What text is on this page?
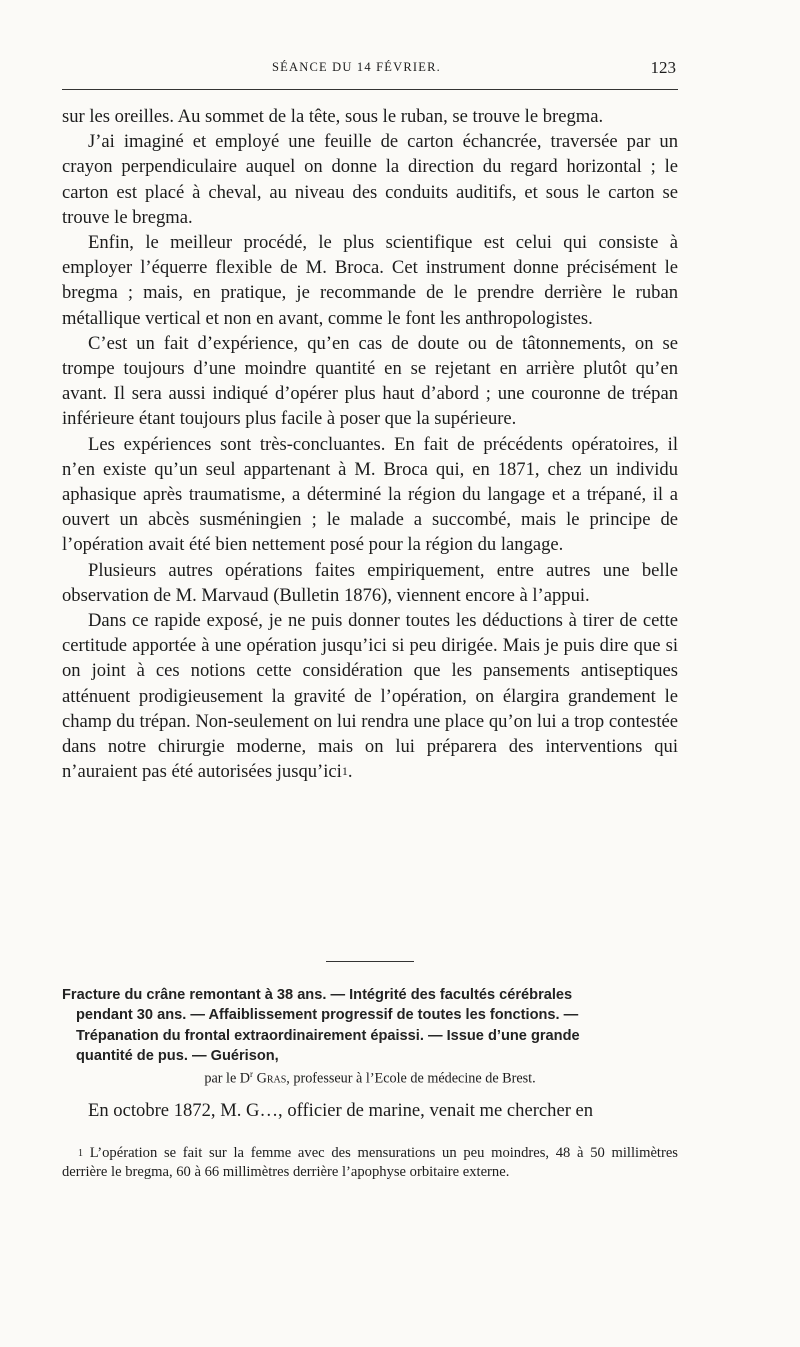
SÉANCE DU 14 FÉVRIER.	123

sur les oreilles. Au sommet de la tête, sous le ruban, se trouve le bregma.

J’ai imaginé et employé une feuille de carton échancrée, traversée par un crayon perpendiculaire auquel on donne la direction du regard horizontal ; le carton est placé à cheval, au niveau des conduits auditifs, et sous le carton se trouve le bregma.

Enfin, le meilleur procédé, le plus scientifique est celui qui consiste à employer l’équerre flexible de M. Broca. Cet instrument donne précisément le bregma ; mais, en pratique, je recommande de le prendre derrière le ruban métallique vertical et non en avant, comme le font les anthropologistes.

C’est un fait d’expérience, qu’en cas de doute ou de tâtonnements, on se trompe toujours d’une moindre quantité en se rejetant en arrière plutôt qu’en avant. Il sera aussi indiqué d’opérer plus haut d’abord ; une couronne de trépan inférieure étant toujours plus facile à poser que la supérieure.

Les expériences sont très-concluantes. En fait de précédents opératoires, il n’en existe qu’un seul appartenant à M. Broca qui, en 1871, chez un individu aphasique après traumatisme, a déterminé la région du langage et a trépané, il a ouvert un abcès susméningien ; le malade a succombé, mais le principe de l’opération avait été bien nettement posé pour la région du langage.

Plusieurs autres opérations faites empiriquement, entre autres une belle observation de M. Marvaud (Bulletin 1876), viennent encore à l’appui.

Dans ce rapide exposé, je ne puis donner toutes les déductions à tirer de cette certitude apportée à une opération jusqu’ici si peu dirigée. Mais je puis dire que si on joint à ces notions cette considération que les pansements antiseptiques atténuent prodigieusement la gravité de l’opération, on élargira grandement le champ du trépan. Non-seulement on lui rendra une place qu’on lui a trop contestée dans notre chirurgie moderne, mais on lui préparera des interventions qui n’auraient pas été autorisées jusqu’ici$^1$.

Fracture du crâne remontant à 38 ans. — Intégrité des facultés cérébrales
pendant 30 ans. — Affaiblissement progressif de toutes les fonctions. —
Trépanation du frontal extraordinairement épaissi. — Issue d’une grande
quantité de pus. — Guérison,
par le $D^r$ Gras, professeur à l’Ecole de médecine de Brest.

En octobre 1872, M. G…, officier de marine, venait me chercher en

$^1$ L’opération se fait sur la femme avec des mensurations un peu moindres, 48 à 50 millimètres derrière le bregma, 60 à 66 millimètres derrière l’apophyse orbitaire externe.
